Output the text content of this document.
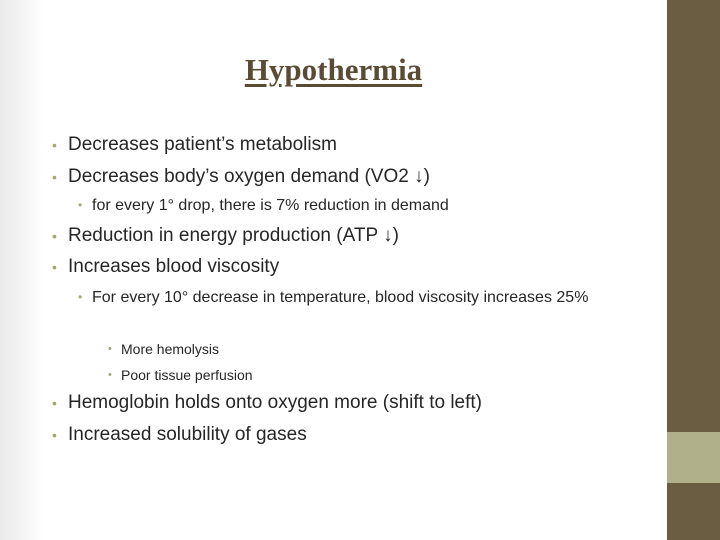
Hypothermia
• Decreases patient’s metabolism
• Decreases body’s oxygen demand (VO2 ↓)
• for every 1° drop, there is 7% reduction in demand
• Reduction in energy production (ATP ↓)
• Increases blood viscosity
• For every 10° decrease in temperature, blood viscosity increases 25%
• More hemolysis
• Poor tissue perfusion
• Hemoglobin holds onto oxygen more (shift to left)
• Increased solubility of gases
